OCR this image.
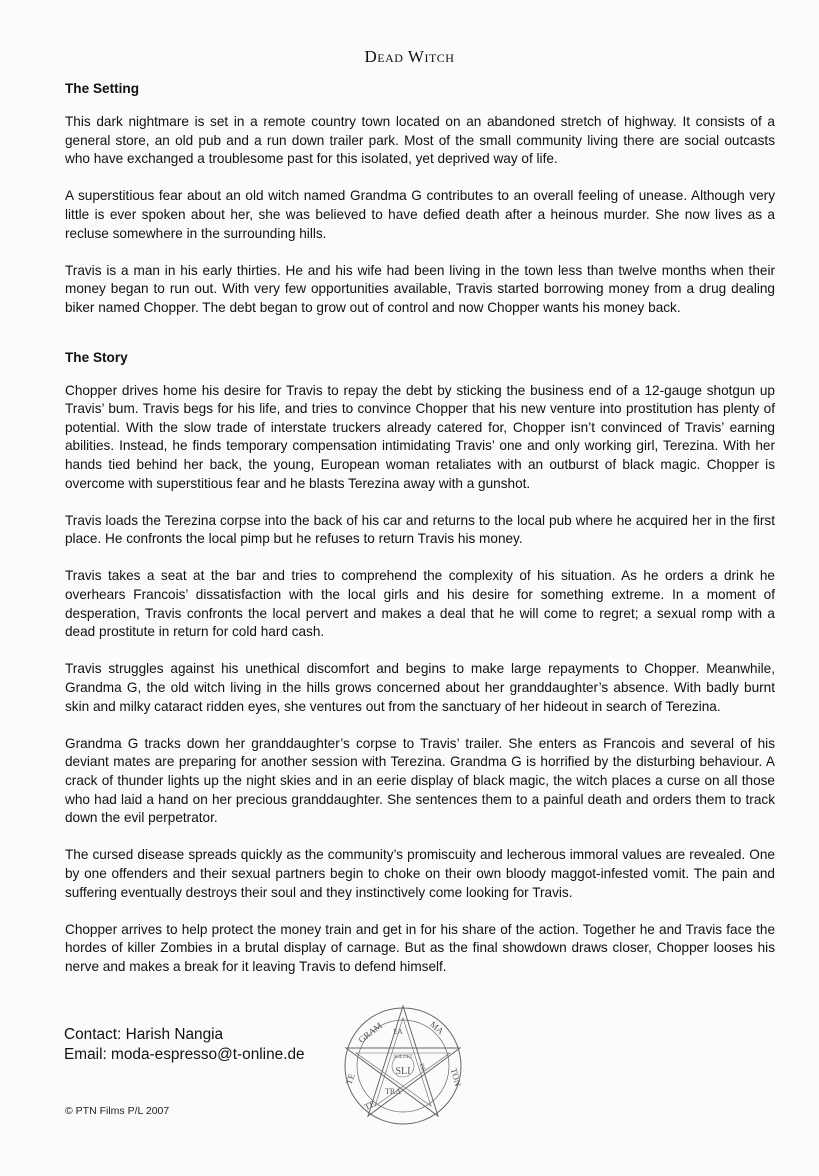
Dead Witch
The Setting

This dark nightmare is set in a remote country town located on an abandoned stretch of highway. It consists of a general store, an old pub and a run down trailer park. Most of the small community living there are social outcasts who have exchanged a troublesome past for this isolated, yet deprived way of life.

A superstitious fear about an old witch named Grandma G contributes to an overall feeling of unease. Although very little is ever spoken about her, she was believed to have defied death after a heinous murder. She now lives as a recluse somewhere in the surrounding hills.

Travis is a man in his early thirties. He and his wife had been living in the town less than twelve months when their money began to run out. With very few opportunities available, Travis started borrowing money from a drug dealing biker named Chopper. The debt began to grow out of control and now Chopper wants his money back.

The Story

Chopper drives home his desire for Travis to repay the debt by sticking the business end of a 12-gauge shotgun up Travis’ bum. Travis begs for his life, and tries to convince Chopper that his new venture into prostitution has plenty of potential. With the slow trade of interstate truckers already catered for, Chopper isn’t convinced of Travis’ earning abilities. Instead, he finds temporary compensation intimidating Travis’ one and only working girl, Terezina. With her hands tied behind her back, the young, European woman retaliates with an outburst of black magic. Chopper is overcome with superstitious fear and he blasts Terezina away with a gunshot.

Travis loads the Terezina corpse into the back of his car and returns to the local pub where he acquired her in the first place. He confronts the local pimp but he refuses to return Travis his money.

Travis takes a seat at the bar and tries to comprehend the complexity of his situation. As he orders a drink he overhears Francois’ dissatisfaction with the local girls and his desire for something extreme. In a moment of desperation, Travis confronts the local pervert and makes a deal that he will come to regret; a sexual romp with a dead prostitute in return for cold hard cash.

Travis struggles against his unethical discomfort and begins to make large repayments to Chopper. Meanwhile, Grandma G, the old witch living in the hills grows concerned about her granddaughter’s absence. With badly burnt skin and milky cataract ridden eyes, she ventures out from the sanctuary of her hideout in search of Terezina.

Grandma G tracks down her granddaughter’s corpse to Travis’ trailer. She enters as Francois and several of his deviant mates are preparing for another session with Terezina. Grandma G is horrified by the disturbing behaviour. A crack of thunder lights up the night skies and in an eerie display of black magic, the witch places a curse on all those who had laid a hand on her precious granddaughter. She sentences them to a painful death and orders them to track down the evil perpetrator.

The cursed disease spreads quickly as the community’s promiscuity and lecherous immoral values are revealed. One by one offenders and their sexual partners begin to choke on their own bloody maggot-infested vomit. The pain and suffering eventually destroys their soul and they instinctively come looking for Travis.

Chopper arrives to help protect the money train and get in for his share of the action. Together he and Travis face the hordes of killer Zombies in a brutal display of carnage. But as the final showdown draws closer, Chopper looses his nerve and makes a break for it leaving Travis to defend himself.

Contact: Harish Nangia
Email: moda-espresso@t-online.de
© PTN Films P/L 2007
TE
GRAM	MA
TON
TE
TRA
SOLOET
SLI
EA
DE
